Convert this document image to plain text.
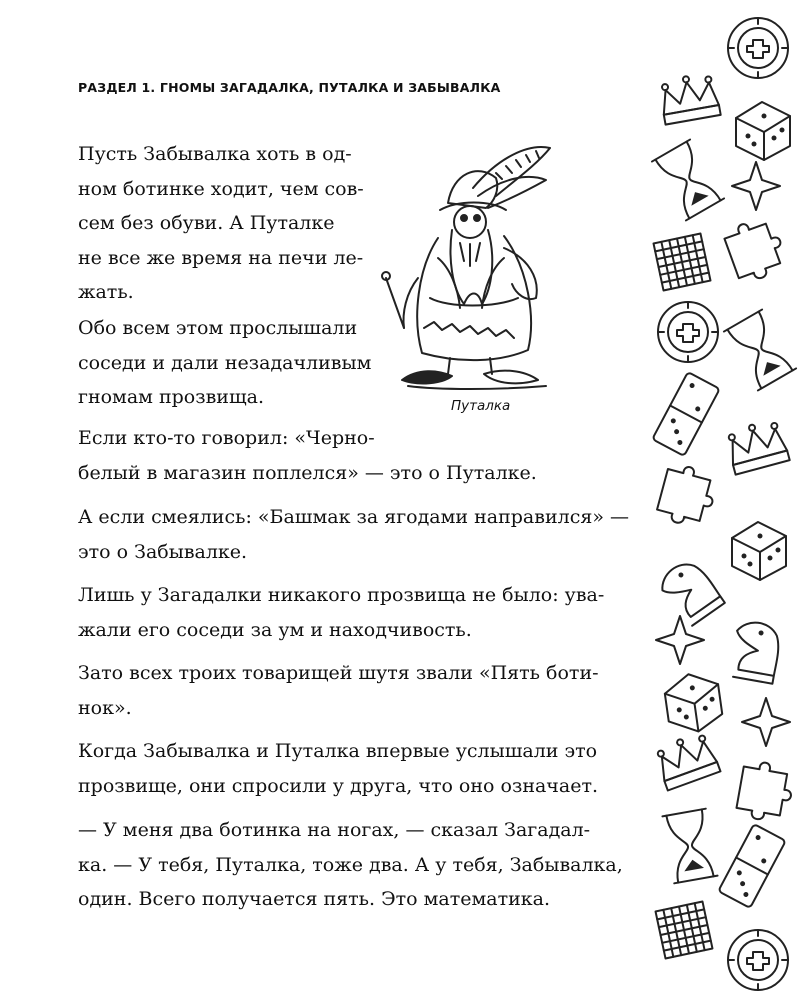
РАЗДЕЛ 1. ГНОМЫ ЗАГАДАЛКА, ПУТАЛКА И ЗАБЫВАЛКА
Пусть Забывалка хоть в од-
ном ботинке ходит, чем сов-
сем без обуви. А Путалке
не все же время на печи ле-
жать.
Обо всем этом прослышали
соседи и дали незадачливым
гномам прозвища.
Если кто-то говорил: «Черно-
белый в магазин поплелся» — это о Путалке.
А если смеялись: «Башмак за ягодами направился» —
это о Забывалке.
Лишь у Загадалки никакого прозвища не было: ува-
жали его соседи за ум и находчивость.
Зато всех троих товарищей шутя звали «Пять боти-
нок».
Когда Забывалка и Путалка впервые услышали это
прозвище, они спросили у друга, что оно означает.
— У меня два ботинка на ногах, — сказал Загадал-
ка. — У тебя, Путалка, тоже два. А у тебя, Забывалка,
один. Всего получается пять. Это математика.
Путалка
